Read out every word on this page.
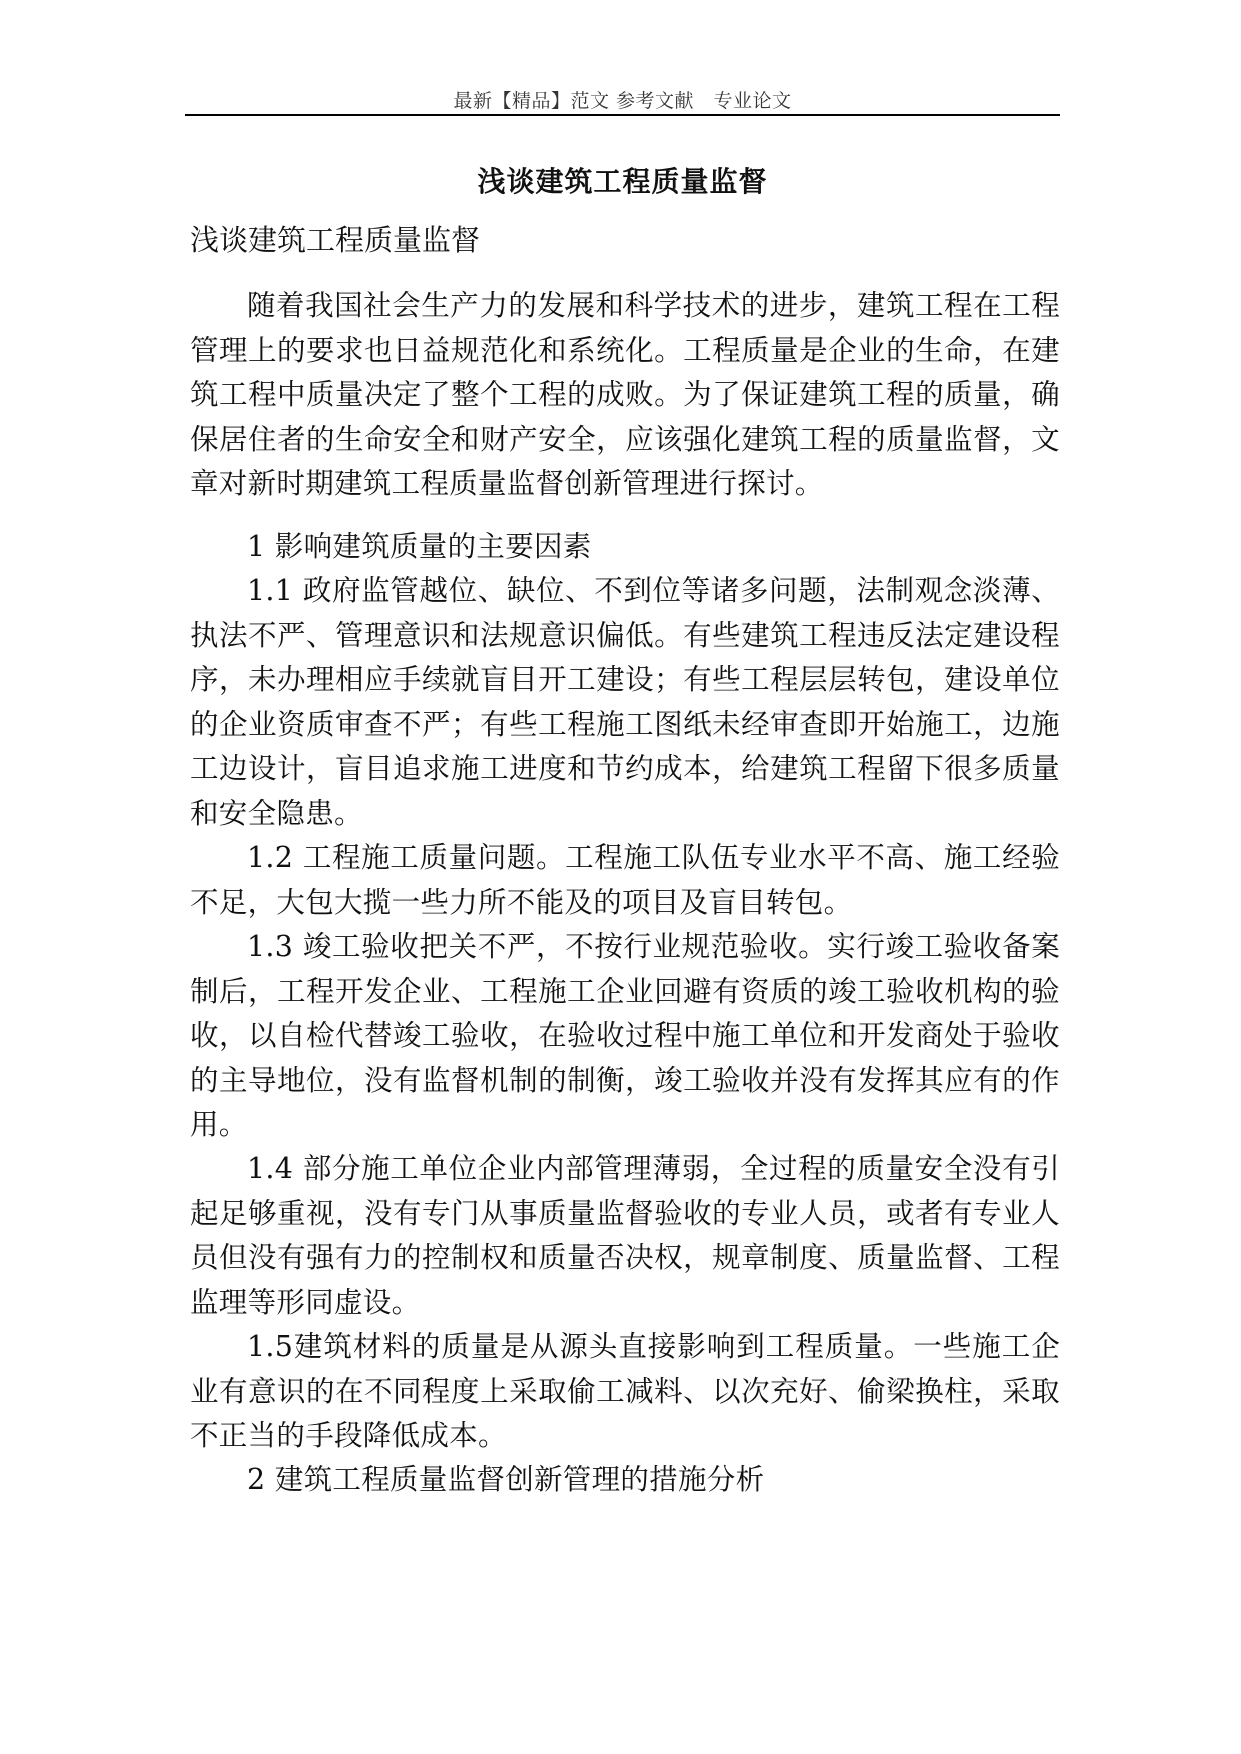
最新【精品】范文 参考文献　专业论文
浅谈建筑工程质量监督
浅谈建筑工程质量监督

随着我国社会生产力的发展和科学技术的进步，建筑工程在工程管理上的要求也日益规范化和系统化。工程质量是企业的生命，在建筑工程中质量决定了整个工程的成败。为了保证建筑工程的质量，确保居住者的生命安全和财产安全，应该强化建筑工程的质量监督，文章对新时期建筑工程质量监督创新管理进行探讨。

1 影响建筑质量的主要因素

1.1 政府监管越位、缺位、不到位等诸多问题，法制观念淡薄、执法不严、管理意识和法规意识偏低。有些建筑工程违反法定建设程序，未办理相应手续就盲目开工建设；有些工程层层转包，建设单位的企业资质审查不严；有些工程施工图纸未经审查即开始施工，边施工边设计，盲目追求施工进度和节约成本，给建筑工程留下很多质量和安全隐患。

1.2 工程施工质量问题。工程施工队伍专业水平不高、施工经验不足，大包大揽一些力所不能及的项目及盲目转包。

1.3 竣工验收把关不严，不按行业规范验收。实行竣工验收备案制后，工程开发企业、工程施工企业回避有资质的竣工验收机构的验收，以自检代替竣工验收，在验收过程中施工单位和开发商处于验收的主导地位，没有监督机制的制衡，竣工验收并没有发挥其应有的作用。

1.4 部分施工单位企业内部管理薄弱，全过程的质量安全没有引起足够重视，没有专门从事质量监督验收的专业人员，或者有专业人员但没有强有力的控制权和质量否决权，规章制度、质量监督、工程监理等形同虚设。

1.5建筑材料的质量是从源头直接影响到工程质量。一些施工企业有意识的在不同程度上采取偷工减料、以次充好、偷梁换柱，采取不正当的手段降低成本。

2 建筑工程质量监督创新管理的措施分析
